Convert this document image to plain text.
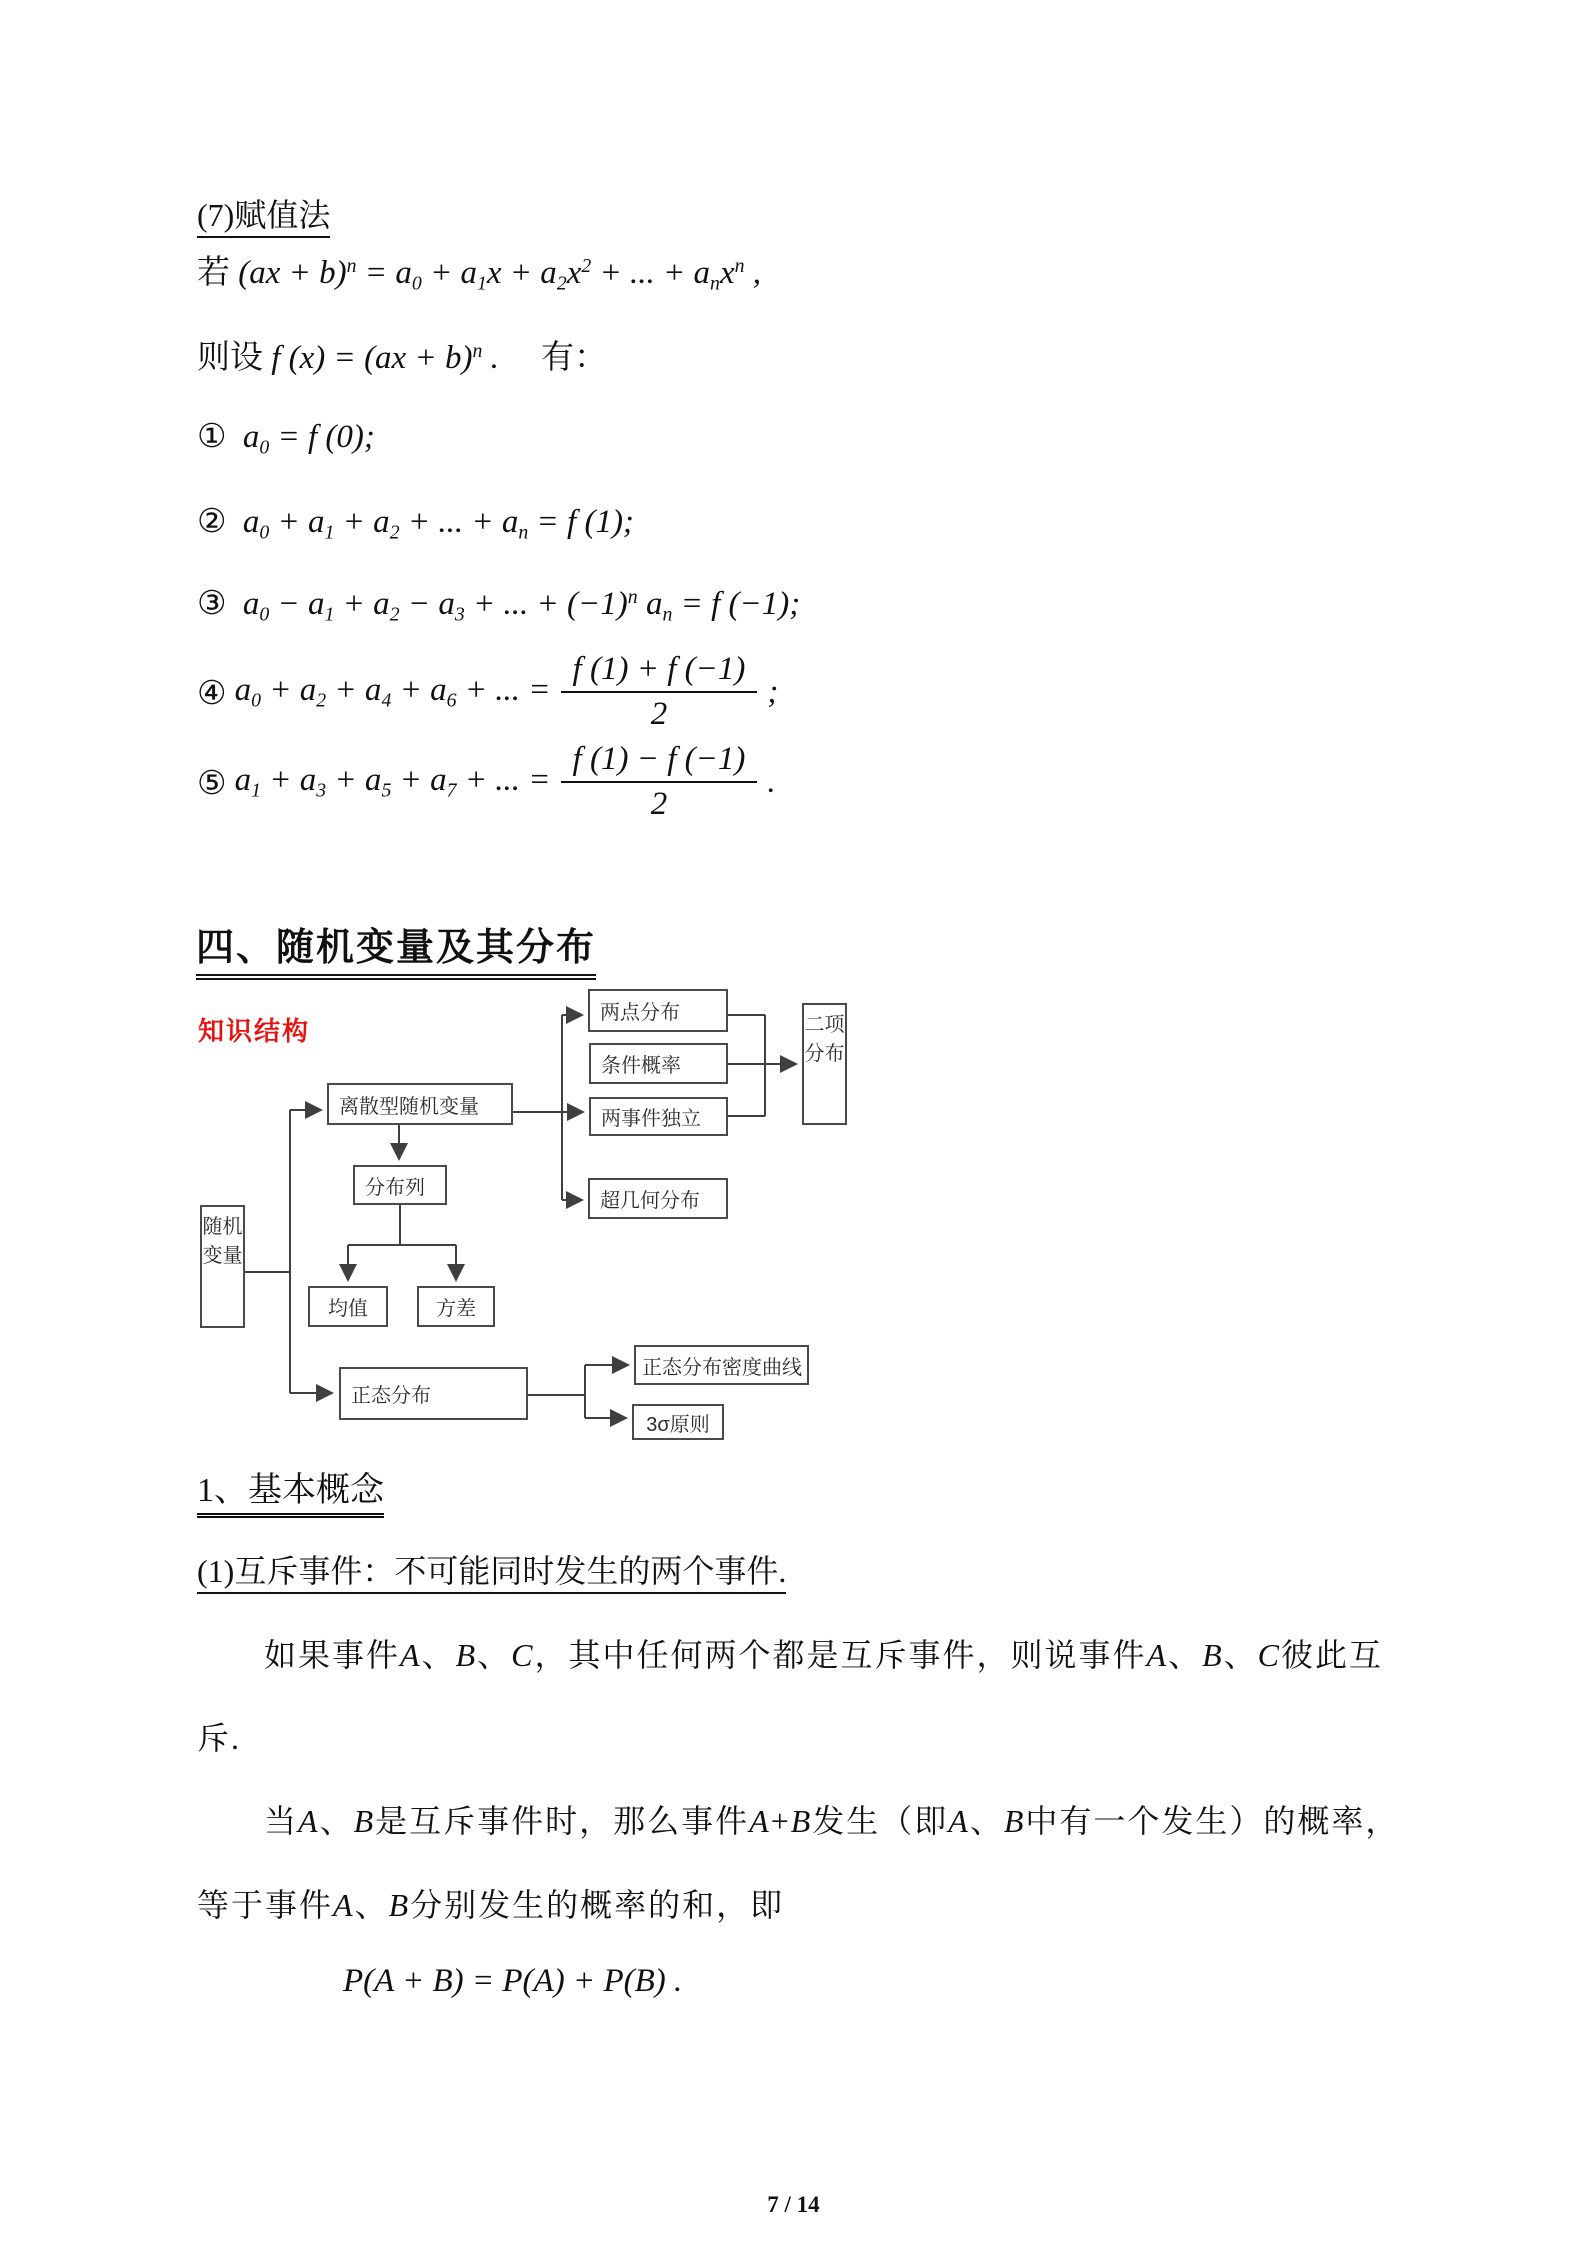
(7)赋值法
若 $(ax + b)^n = a_0 + a_1x + a_2x^2$ + ... + $a_nx^n$ ,
则设 f (x) = (ax + b)$^n$ . 有：
① $a_0 = f$ (0);
② $a_0 + a_1 + a_2$ + ... + $a_n = f$ (1);
③ $a_0 - a_1 + a_2 - a_3$ + ... + $(-1)^n$ $a_n = f$ (−1);
④ $a_0 + a_2 + a_4 + a_6$ + ... = $\frac{f (1) + f (-1)}{2}$ ;
⑤ $a_1 + a_3 + a_5 + a_7$ + ... = $\frac{f (1) - f (-1)}{2}$ .
四、随机变量及其分布
知识结构
随机变量
离散型随机变量
分布列
均值	方差
正态分布
两点分布
条件概率
两事件独立
超几何分布
二项分布
正态分布密度曲线
3σ原则
1、基本概念
(1)互斥事件：不可能同时发生的两个事件.
如果事件A、B、C，其中任何两个都是互斥事件，则说事件A、B、C彼此互
斥.
当A、B是互斥事件时，那么事件A+B发生（即A、B中有一个发生）的概率，
等于事件A、B分别发生的概率的和，即
P(A + B) = P(A) + P(B) .
7 / 14
